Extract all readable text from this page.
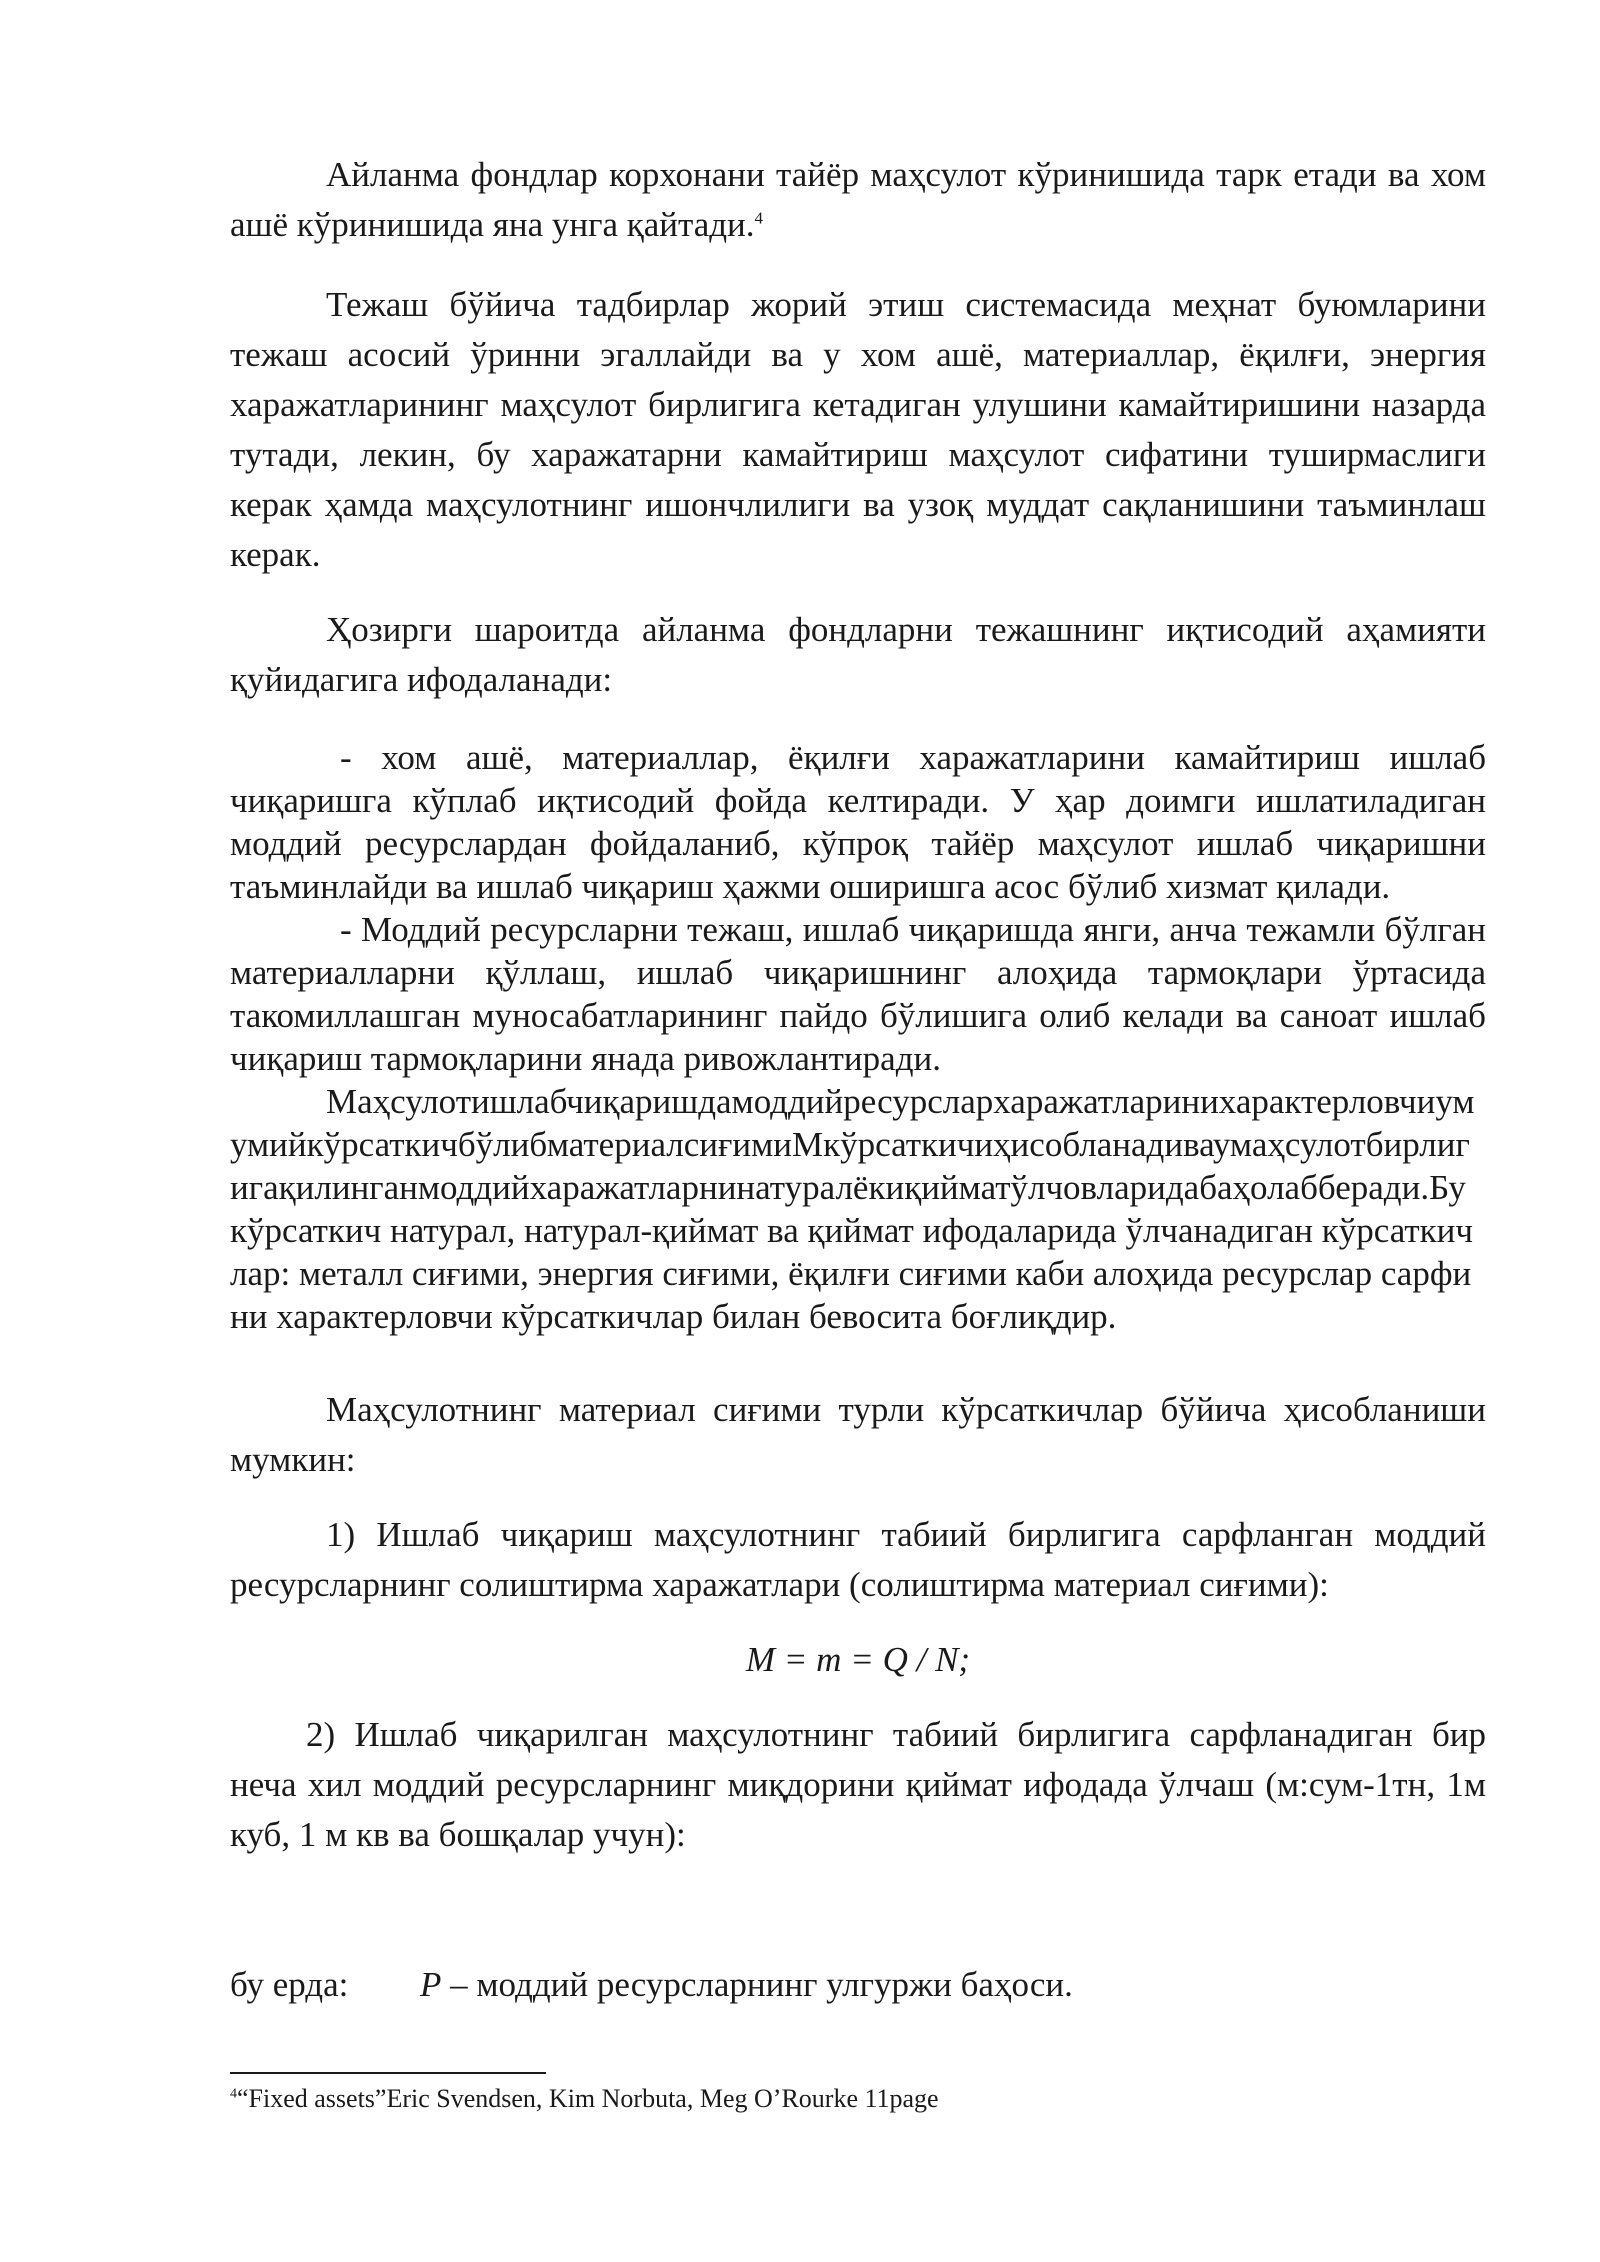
Айланма фондлар корхонани тайёр маҳсулот кўринишида тарк етади ва хом ашё кўринишида яна унга қайтади.$^4$

Тежаш бўйича тадбирлар жорий этиш системасида меҳнат буюмларини тежаш асосий ўринни эгаллайди ва у хом ашё, материаллар, ёқилғи, энергия харажатларининг маҳсулот бирлигига кетадиган улушини камайтиришини назарда тутади, лекин, бу харажатарни камайтириш маҳсулот сифатини туширмаслиги керак ҳамда маҳсулотнинг ишончлилиги ва узоқ муддат сақланишини таъминлаш керак.

Ҳозирги шароитда айланма фондларни тежашнинг иқтисодий аҳамияти қуйидагига ифодаланади:

- хом ашё, материаллар, ёқилғи харажатларини камайтириш ишлаб чиқаришга кўплаб иқтисодий фойда келтиради. У ҳар доимги ишлатиладиган моддий ресурслардан фойдаланиб, кўпроқ тайёр маҳсулот ишлаб чиқаришни таъминлайди ва ишлаб чиқариш ҳажми оширишга асос бўлиб хизмат қилади.

- Моддий ресурсларни тежаш, ишлаб чиқаришда янги, анча тежамли бўлган материалларни қўллаш, ишлаб чиқаришнинг алоҳида тармоқлари ўртасида такомиллашган муносабатларининг пайдо бўлишига олиб келади ва саноат ишлаб чиқариш тармоқларини янада ривожлантиради.

МаҳсулотишлабчиқаришдамоддийресурслархаражатларинихарактерловчиумумийкўрсаткичбўлибматериалсиғимиМкўрсаткичиҳисобланадиваумаҳсулотбирлигигақилинганмоддийхаражатларнинатуралёкиқийматўлчовларидабаҳолабберади.Бу кўрсаткич натурал, натурал-қиймат ва қиймат ифодаларида ўлчанадиган кўрсаткичлар: металл сиғими, энергия сиғими, ёқилғи сиғими каби алоҳида ресурслар сарфини характерловчи кўрсаткичлар билан бевосита боғлиқдир.

Маҳсулотнинг материал сиғими турли кўрсаткичлар бўйича ҳисобланиши мумкин:

1) Ишлаб чиқариш маҳсулотнинг табиий бирлигига сарфланган моддий ресурсларнинг солиштирма харажатлари (солиштирма материал сиғими):

M = m = Q / N;

2) Ишлаб чиқарилган маҳсулотнинг табиий бирлигига сарфланадиган бир неча хил моддий ресурсларнинг миқдорини қиймат ифодада ўлчаш (м:сум-1тн, 1м куб, 1 м кв ва бошқалар учун):

бу ерда: P – моддий ресурсларнинг улгуржи баҳоси.
$^4$“Fixed assets”Eric Svendsen, Kim Norbuta, Meg O’Rourke 11page
